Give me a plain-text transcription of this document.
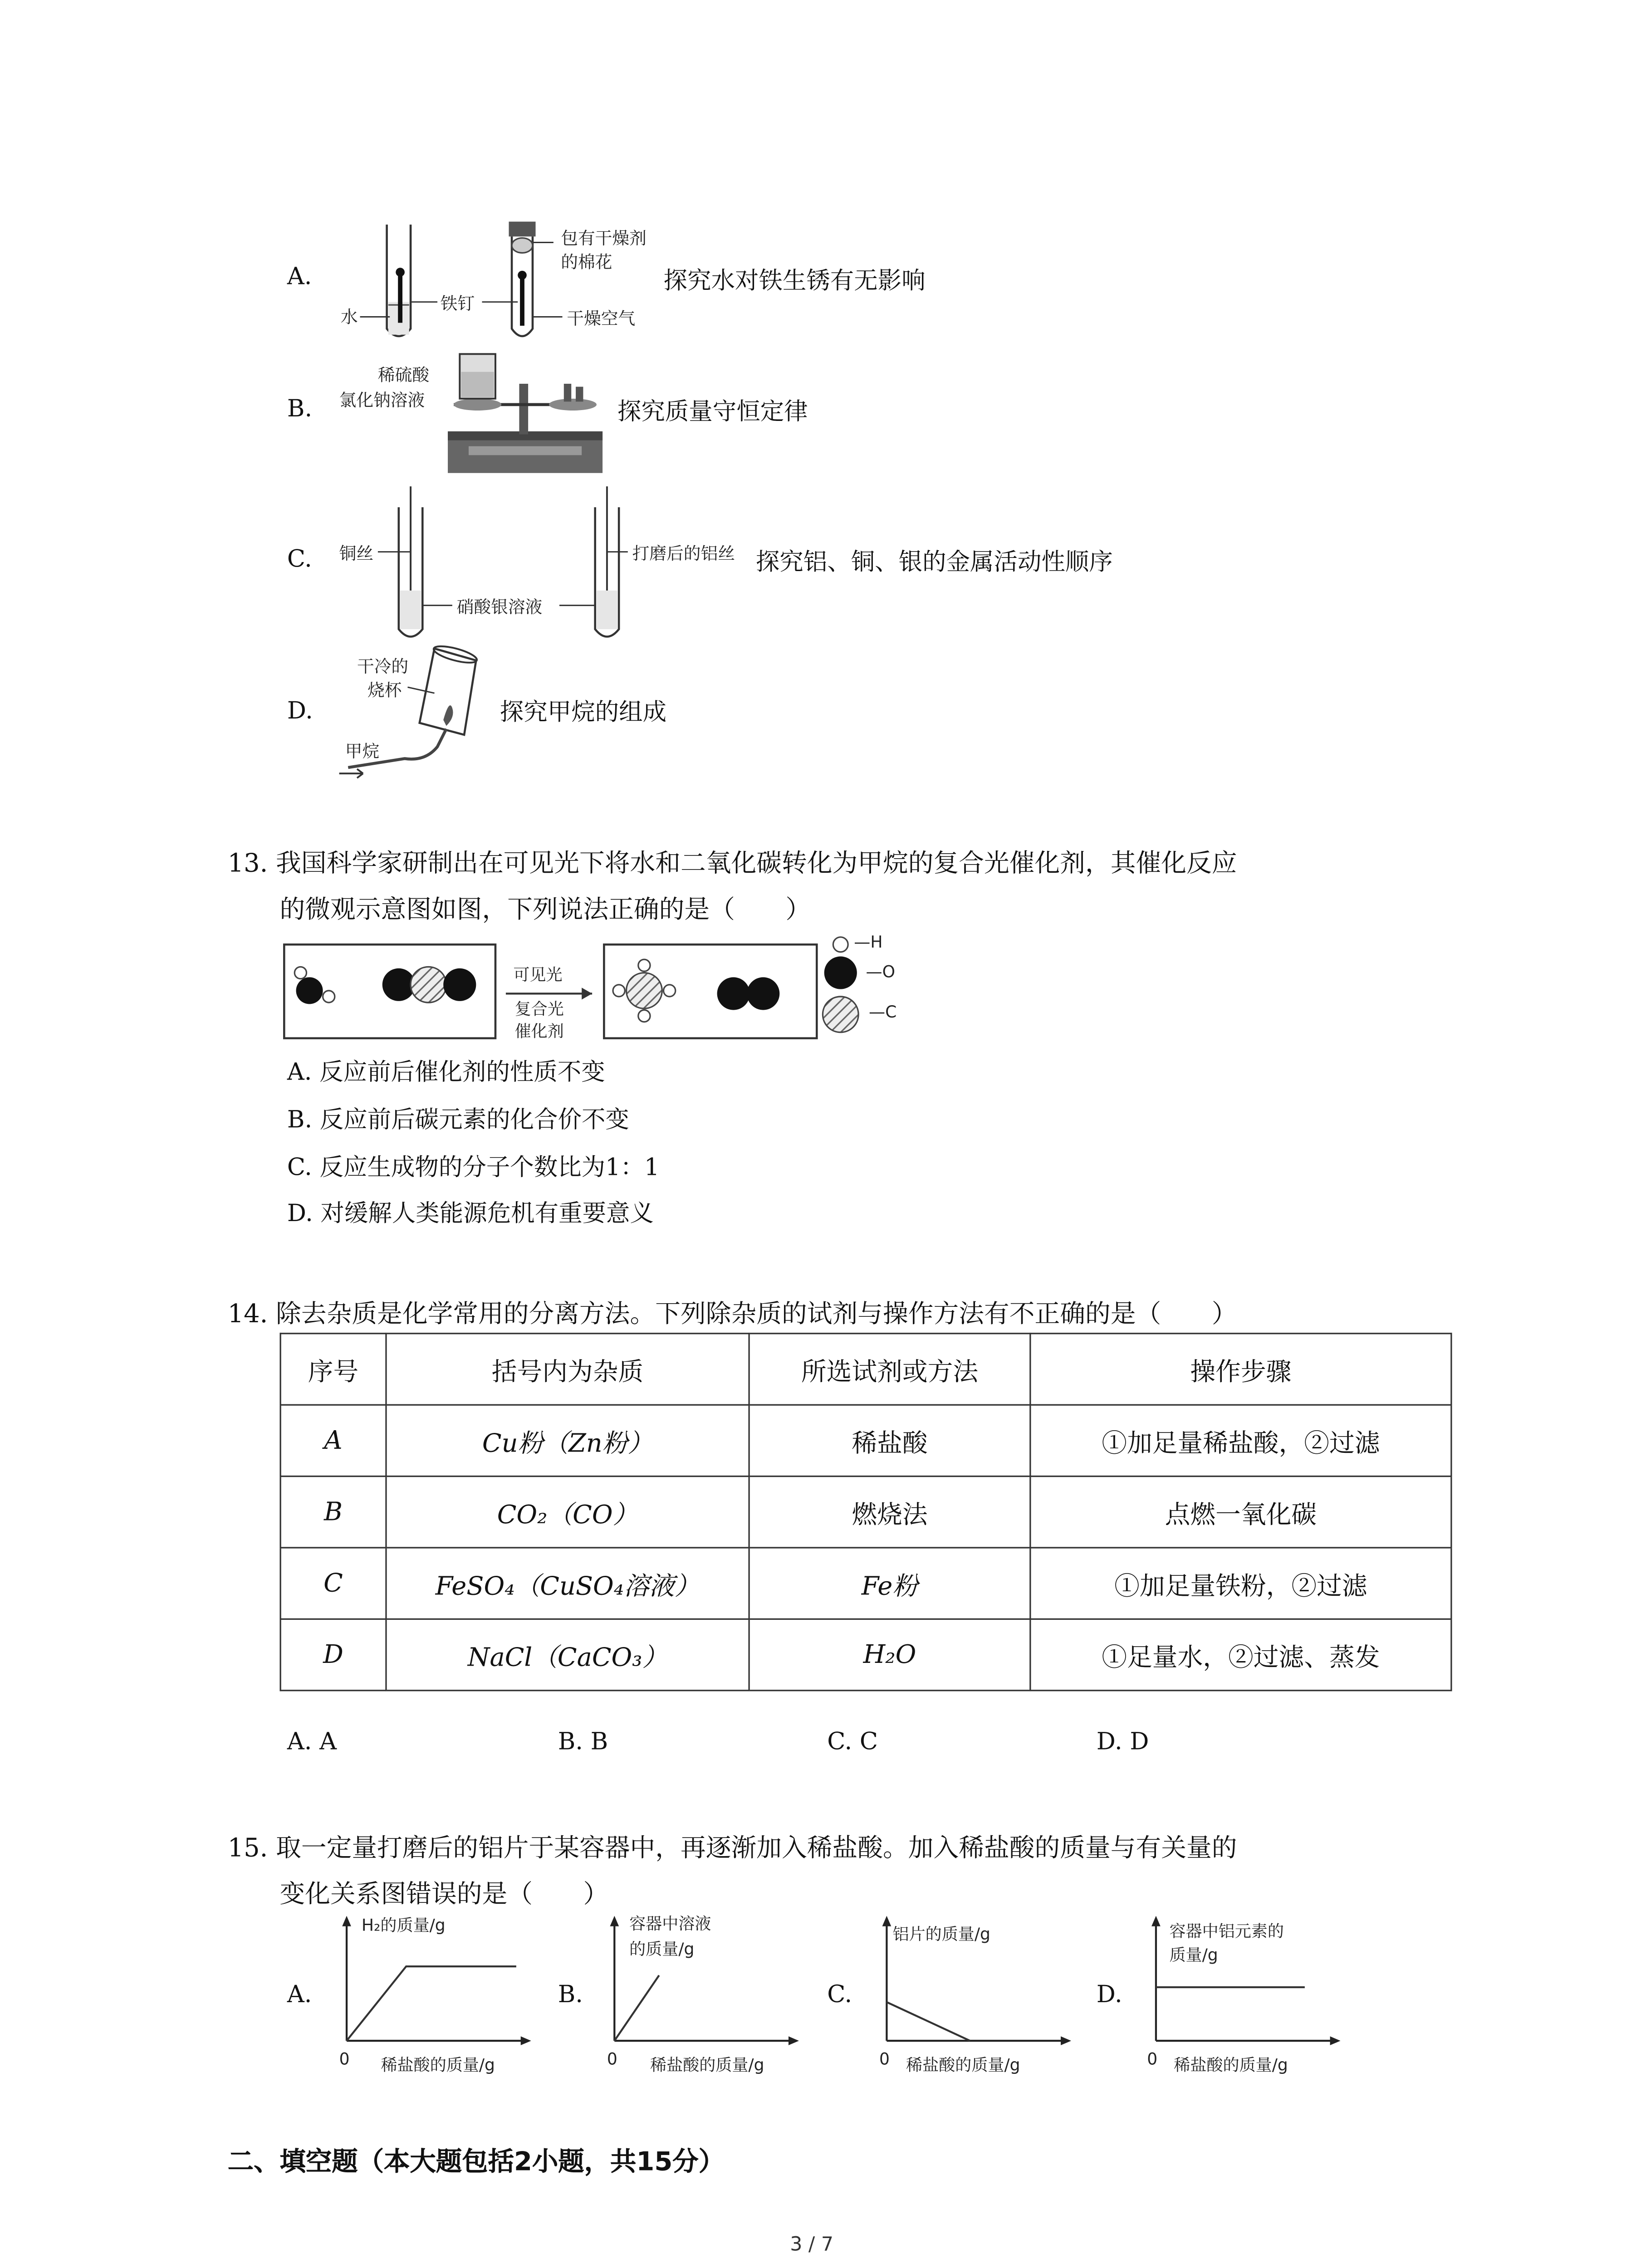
A.
包有干燥剂
的棉花
水
铁钉
干燥空气
探究水对铁生锈有无影响
B.
稀硫酸
氯化钠溶液	探究质量守恒定律
C.	铜丝	打磨后的铝丝
硝酸银溶液
探究铝、铜、银的金属活动性顺序
D.
干冷的
烧杯
甲烷
探究甲烷的组成
13. 我国科学家研制出在可见光下将水和二氧化碳转化为甲烷的复合光催化剂，其催化反应
的微观示意图如图，下列说法正确的是（　　）
可见光
复合光
催化剂
—H
—O
—C
A. 反应前后催化剂的性质不变
B. 反应前后碳元素的化合价不变
C. 反应生成物的分子个数比为1：1
D. 对缓解人类能源危机有重要意义
14. 除去杂质是化学常用的分离方法。下列除杂质的试剂与操作方法有不正确的是（　　）
序号	括号内为杂质	所选试剂或方法	操作步骤
A	Cu粉（Zn粉）	稀盐酸	①加足量稀盐酸，②过滤
B	CO₂（CO）	燃烧法	点燃一氧化碳
C	FeSO₄（CuSO₄溶液）	Fe粉	①加足量铁粉，②过滤
D	NaCl（CaCO₃）	H₂O	①足量水，②过滤、蒸发
A. A	B. B	C. C	D. D
15. 取一定量打磨后的铝片于某容器中，再逐渐加入稀盐酸。加入稀盐酸的质量与有关量的
变化关系图错误的是（　　）
A.
H₂的质量/g
0	稀盐酸的质量/g
B.
容器中溶液
的质量/g
0	稀盐酸的质量/g
C.
铝片的质量/g
0	稀盐酸的质量/g
D.
容器中铝元素的
质量/g
0	稀盐酸的质量/g
二、填空题（本大题包括2小题，共15分）
3 / 7
